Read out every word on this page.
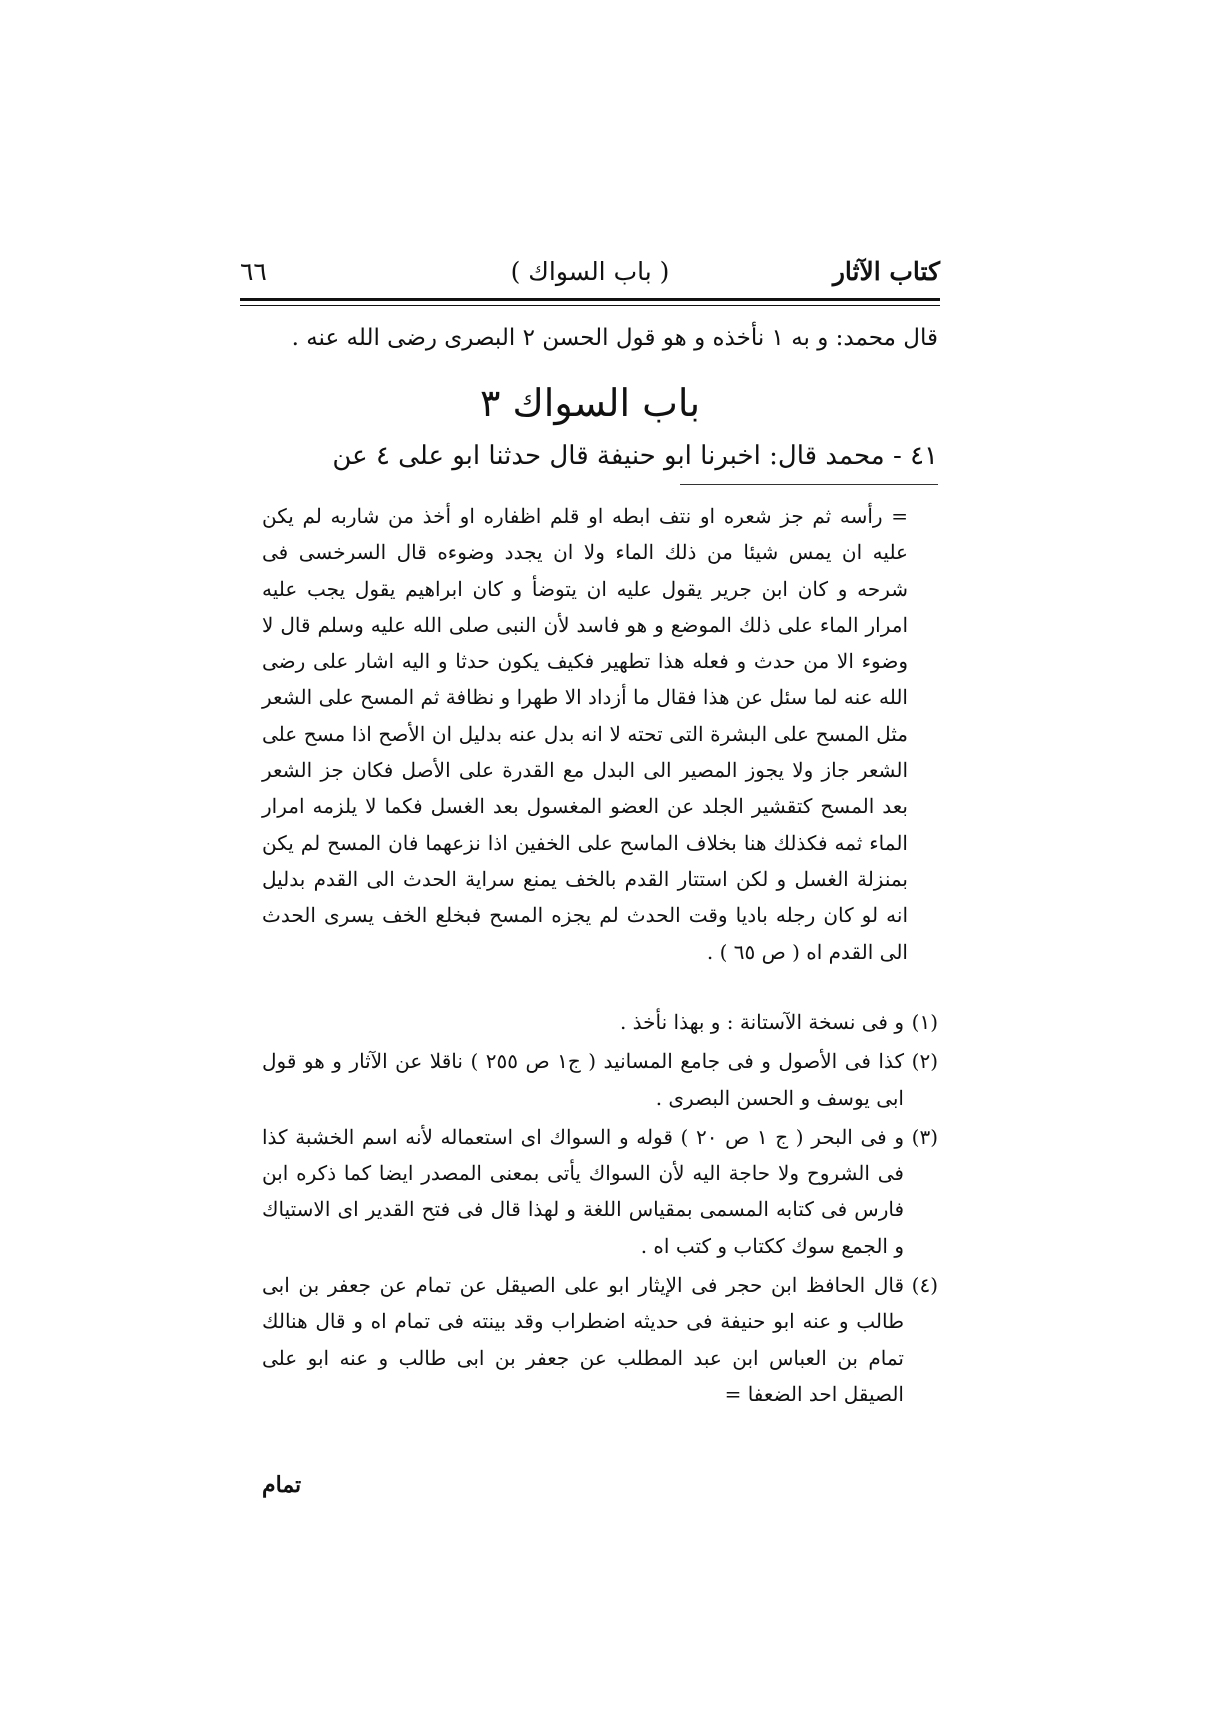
كتاب الآثار
( باب السواك )
٦٦
قال محمد: و به ١ نأخذه و هو قول الحسن ٢ البصرى رضى الله عنه .
باب السواك ٣
٤١ - محمد قال: اخبرنا ابو حنيفة قال حدثنا ابو على ٤ عن
= رأسه ثم جز شعره او نتف ابطه او قلم اظفاره او أخذ من شاربه لم يكن عليه ان يمس شيئا من ذلك الماء ولا ان يجدد وضوءه قال السرخسى فى شرحه و كان ابن جرير يقول عليه ان يتوضأ و كان ابراهيم يقول يجب عليه امرار الماء على ذلك الموضع و هو فاسد لأن النبى صلى الله عليه وسلم قال لا وضوء الا من حدث و فعله هذا تطهير فكيف يكون حدثا و اليه اشار على رضى الله عنه لما سئل عن هذا فقال ما أزداد الا طهرا و نظافة ثم المسح على الشعر مثل المسح على البشرة التى تحته لا انه بدل عنه بدليل ان الأصح اذا مسح على الشعر جاز ولا يجوز المصير الى البدل مع القدرة على الأصل فكان جز الشعر بعد المسح كتقشير الجلد عن العضو المغسول بعد الغسل فكما لا يلزمه امرار الماء ثمه فكذلك هنا بخلاف الماسح على الخفين اذا نزعهما فان المسح لم يكن بمنزلة الغسل و لكن استتار القدم بالخف يمنع سراية الحدث الى القدم بدليل انه لو كان رجله باديا وقت الحدث لم يجزه المسح فبخلع الخف يسرى الحدث الى القدم اه ( ص ٦٥ ) .
(١)
و فى نسخة الآستانة : و بهذا نأخذ .
(٢)
كذا فى الأصول و فى جامع المسانيد ( ج١ ص ٢٥٥ ) ناقلا عن الآثار و هو قول ابى يوسف و الحسن البصرى .
(٣)
و فى البحر ( ج ١ ص ٢٠ ) قوله و السواك اى استعماله لأنه اسم الخشبة كذا فى الشروح ولا حاجة اليه لأن السواك يأتى بمعنى المصدر ايضا كما ذكره ابن فارس فى كتابه المسمى بمقياس اللغة و لهذا قال فى فتح القدير اى الاستياك و الجمع سوك ككتاب و كتب اه .
(٤)
قال الحافظ ابن حجر فى الإيثار ابو على الصيقل عن تمام عن جعفر بن ابى طالب و عنه ابو حنيفة فى حديثه اضطراب وقد بينته فى تمام اه و قال هنالك تمام بن العباس ابن عبد المطلب عن جعفر بن ابى طالب و عنه ابو على الصيقل احد الضعفا =
تمام
